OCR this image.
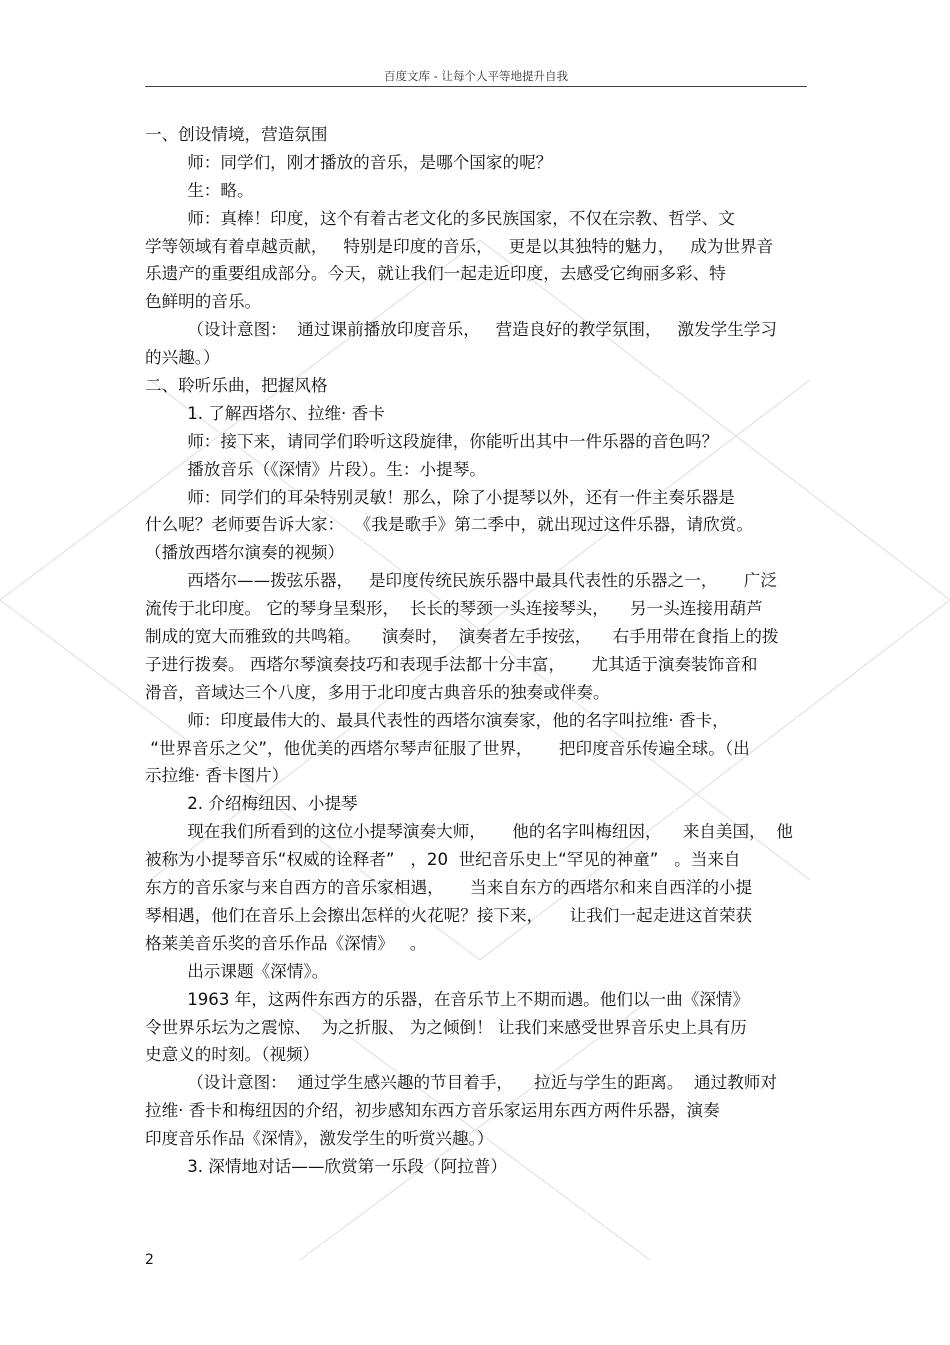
百度文库 - 让每个人平等地提升自我
一、创设情境，营造氛围
师：同学们，刚才播放的音乐，是哪个国家的呢？
生：略。
师：真棒！印度，这个有着古老文化的多民族国家，不仅在宗教、哲学、文
学等领域有着卓越贡献，   特别是印度的音乐，   更是以其独特的魅力，   成为世界音
乐遗产的重要组成部分。今天，就让我们一起走近印度，去感受它绚丽多彩、特
色鲜明的音乐。
（设计意图：  通过课前播放印度音乐，   营造良好的教学氛围，   激发学生学习
的兴趣。）
二、聆听乐曲，把握风格
1. 了解西塔尔、拉维· 香卡
师：接下来，请同学们聆听这段旋律，你能听出其中一件乐器的音色吗？
播放音乐（《深情》片段）。生：小提琴。
师：同学们的耳朵特别灵敏！那么，除了小提琴以外，还有一件主奏乐器是
什么呢？老师要告诉大家：  《我是歌手》第二季中，就出现过这件乐器，请欣赏。
（播放西塔尔演奏的视频）
西塔尔——拨弦乐器，   是印度传统民族乐器中最具代表性的乐器之一，     广泛
流传于北印度。 它的琴身呈梨形，  长长的琴颈一头连接琴头，    另一头连接用葫芦
制成的宽大而雅致的共鸣箱。    演奏时，  演奏者左手按弦，    右手用带在食指上的拨
子进行拨奏。 西塔尔琴演奏技巧和表现手法都十分丰富，     尤其适于演奏装饰音和
滑音，音域达三个八度，多用于北印度古典音乐的独奏或伴奏。
师：印度最伟大的、最具代表性的西塔尔演奏家，他的名字叫拉维· 香卡，
“世界音乐之父”，他优美的西塔尔琴声征服了世界，     把印度音乐传遍全球。（出
示拉维· 香卡图片）
2. 介绍梅纽因、小提琴
现在我们所看到的这位小提琴演奏大师，     他的名字叫梅纽因，    来自美国，  他
被称为小提琴音乐“权威的诠释者”   ，20  世纪音乐史上“罕见的神童”   。当来自
东方的音乐家与来自西方的音乐家相遇，     当来自东方的西塔尔和来自西洋的小提
琴相遇，他们在音乐上会擦出怎样的火花呢？接下来，     让我们一起走进这首荣获
格莱美音乐奖的音乐作品《深情》   。
出示课题《深情》。
1963 年，这两件东西方的乐器，在音乐节上不期而遇。他们以一曲《深情》
令世界乐坛为之震惊、  为之折服、 为之倾倒！ 让我们来感受世界音乐史上具有历
史意义的时刻。（视频）
（设计意图：  通过学生感兴趣的节目着手，    拉近与学生的距离。  通过教师对
拉维· 香卡和梅纽因的介绍，初步感知东西方音乐家运用东西方两件乐器，演奏
印度音乐作品《深情》，激发学生的听赏兴趣。）
3. 深情地对话——欣赏第一乐段（阿拉普）
2
